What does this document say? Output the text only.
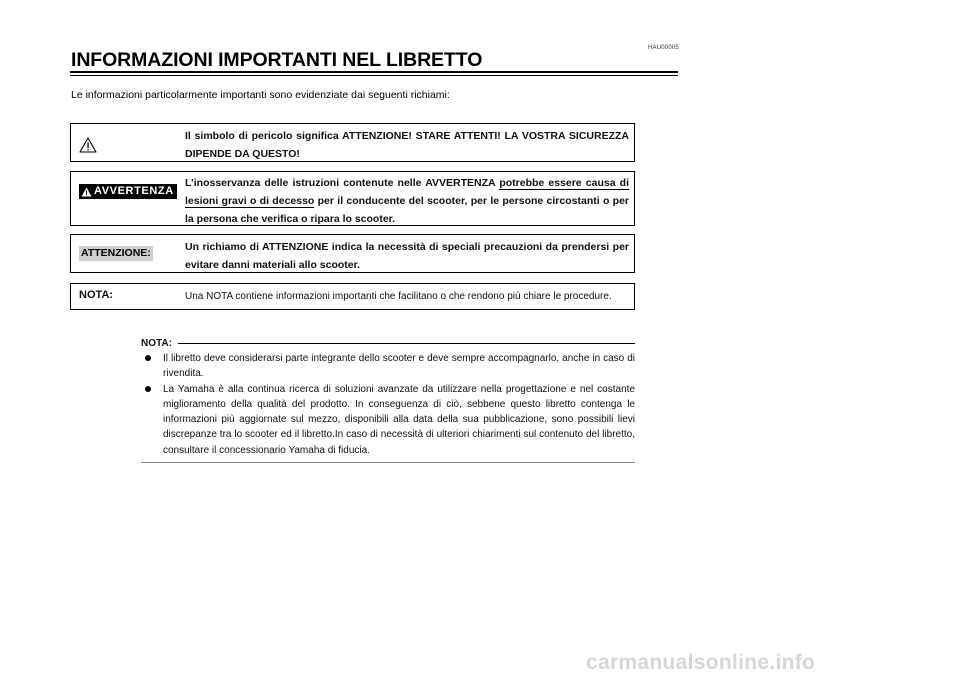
HAU00005
INFORMAZIONI IMPORTANTI NEL LIBRETTO
Le informazioni particolarmente importanti sono evidenziate dai seguenti richiami:
Il simbolo di pericolo significa ATTENZIONE! STARE ATTENTI! LA VOSTRA SICUREZZA DIPENDE DA QUESTO!
AVVERTENZA
L’inosservanza delle istruzioni contenute nelle AVVERTENZA potrebbe essere causa di lesioni gravi o di decesso per il conducente del scooter, per le persone circostanti o per la persona che verifica o ripara lo scooter.
ATTENZIONE:	Un richiamo di ATTENZIONE indica la necessità di speciali precauzioni da prendersi per evitare danni materiali allo scooter.
NOTA:	Una NOTA contiene informazioni importanti che facilitano o che rendono più chiare le procedure.
NOTA:
Il libretto deve considerarsi parte integrante dello scooter e deve sempre accompagnarlo, anche in caso di rivendita.
La Yamaha è alla continua ricerca di soluzioni avanzate da utilizzare nella progettazione e nel costante miglioramento della qualità del prodotto. In conseguenza di ciò, sebbene questo libretto contenga le informazioni più aggiornate sul mezzo, disponibili alla data della sua pubblicazione, sono possibili lievi discrepanze tra lo scooter ed il libretto.In caso di necessità di ulteriori chiarimenti sul contenuto del libretto, consultare il concessionario Yamaha di fiducia.
carmanualsonline.info
